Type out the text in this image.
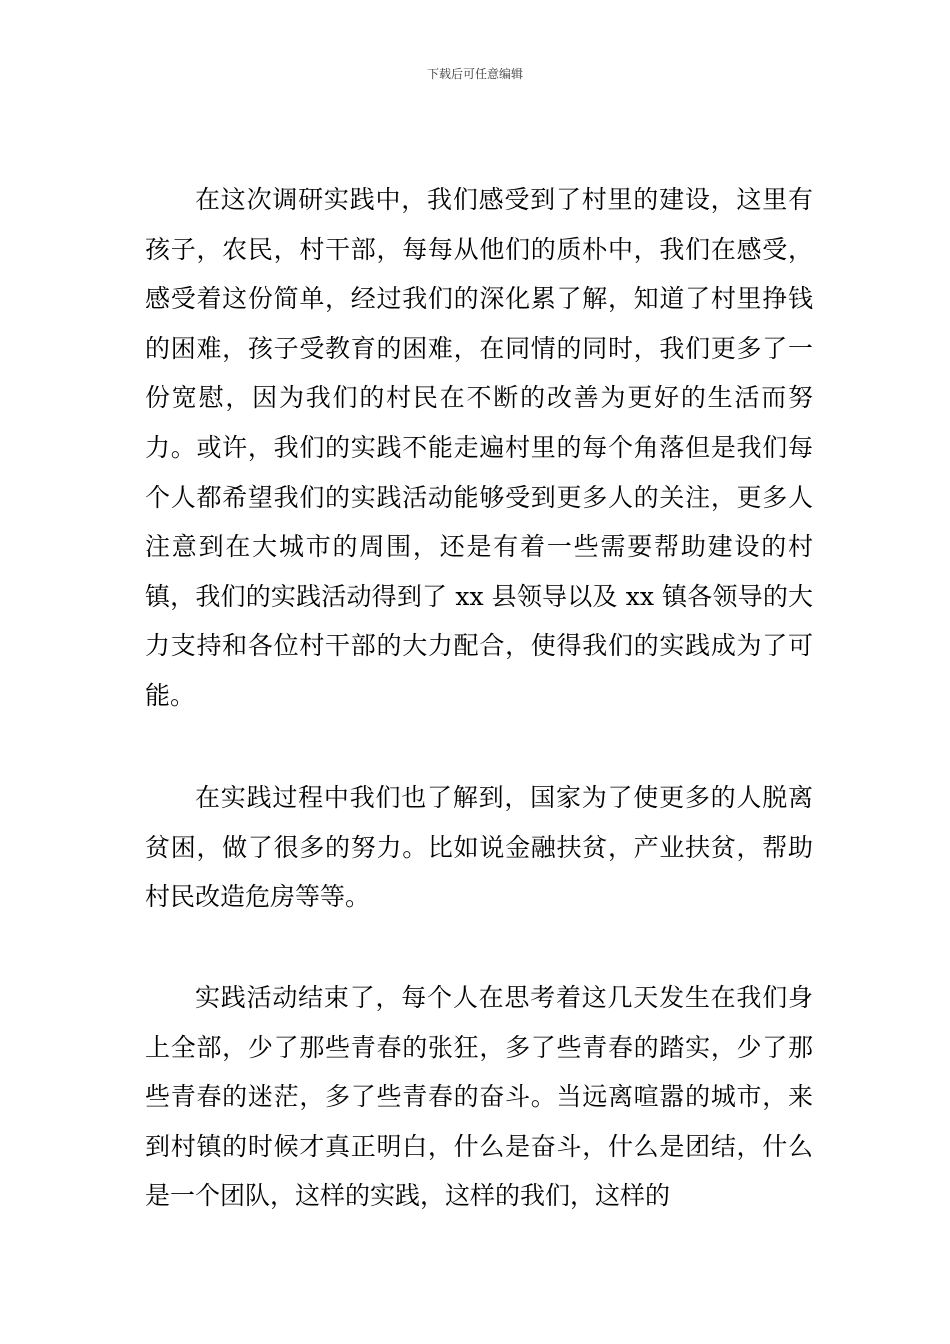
下载后可任意编辑

在这次调研实践中，我们感受到了村里的建设，这里有孩子，农民，村干部，每每从他们的质朴中，我们在感受，感受着这份简单，经过我们的深化累了解，知道了村里挣钱的困难，孩子受教育的困难，在同情的同时，我们更多了一份宽慰，因为我们的村民在不断的改善为更好的生活而努力。或许，我们的实践不能走遍村里的每个角落但是我们每个人都希望我们的实践活动能够受到更多人的关注，更多人注意到在大城市的周围，还是有着一些需要帮助建设的村镇，我们的实践活动得到了 xx 县领导以及 xx 镇各领导的大力支持和各位村干部的大力配合，使得我们的实践成为了可能。

在实践过程中我们也了解到，国家为了使更多的人脱离贫困，做了很多的努力。比如说金融扶贫，产业扶贫，帮助村民改造危房等等。

实践活动结束了，每个人在思考着这几天发生在我们身上全部，少了那些青春的张狂，多了些青春的踏实，少了那些青春的迷茫，多了些青春的奋斗。当远离喧嚣的城市，来到村镇的时候才真正明白，什么是奋斗，什么是团结，什么是一个团队，这样的实践，这样的我们，这样的
